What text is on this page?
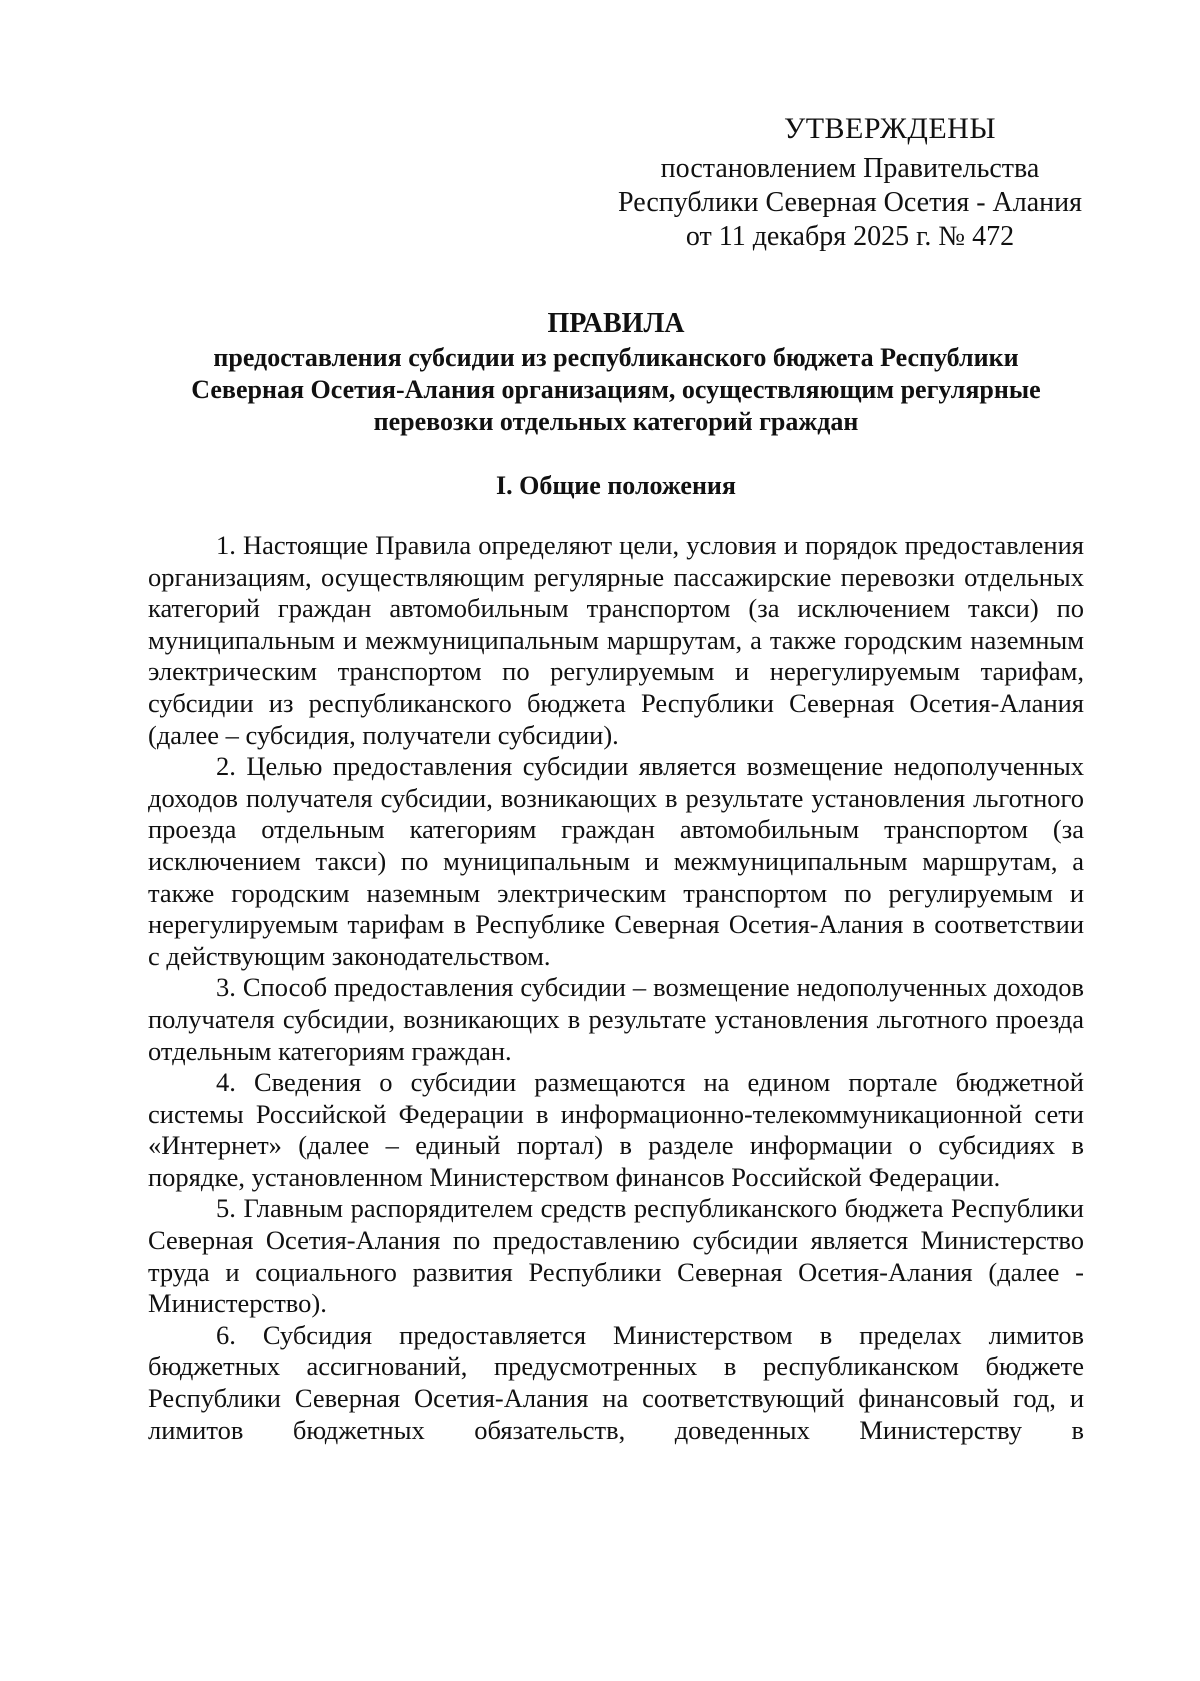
УТВЕРЖДЕНЫ
постановлением Правительства
Республики Северная Осетия - Алания
от 11 декабря 2025 г. № 472
ПРАВИЛА
предоставления субсидии из республиканского бюджета Республики
Северная Осетия-Алания организациям, осуществляющим регулярные
перевозки отдельных категорий граждан
I. Общие положения

1. Настоящие Правила определяют цели, условия и порядок предоставления организациям, осуществляющим регулярные пассажирские перевозки отдельных категорий граждан автомобильным транспортом (за исключением такси) по муниципальным и межмуниципальным маршрутам, а также городским наземным электрическим транспортом по регулируемым и нерегулируемым тарифам, субсидии из республиканского бюджета Республики Северная Осетия-Алания (далее – субсидия, получатели субсидии).

2. Целью предоставления субсидии является возмещение недополученных доходов получателя субсидии, возникающих в результате установления льготного проезда отдельным категориям граждан автомобильным транспортом (за исключением такси) по муниципальным и межмуниципальным маршрутам, а также городским наземным электрическим транспортом по регулируемым и нерегулируемым тарифам в Республике Северная Осетия-Алания в соответствии с действующим законодательством.

3. Способ предоставления субсидии – возмещение недополученных доходов получателя субсидии, возникающих в результате установления льготного проезда отдельным категориям граждан.

4. Сведения о субсидии размещаются на едином портале бюджетной системы Российской Федерации в информационно-телекоммуникационной сети «Интернет» (далее – единый портал) в разделе информации о субсидиях в порядке, установленном Министерством финансов Российской Федерации.

5. Главным распорядителем средств республиканского бюджета Республики Северная Осетия-Алания по предоставлению субсидии является Министерство труда и социального развития Республики Северная Осетия-Алания (далее - Министерство).

6. Субсидия предоставляется Министерством в пределах лимитов бюджетных ассигнований, предусмотренных в республиканском бюджете Республики Северная Осетия-Алания на соответствующий финансовый год, и лимитов бюджетных обязательств, доведенных Министерству в
